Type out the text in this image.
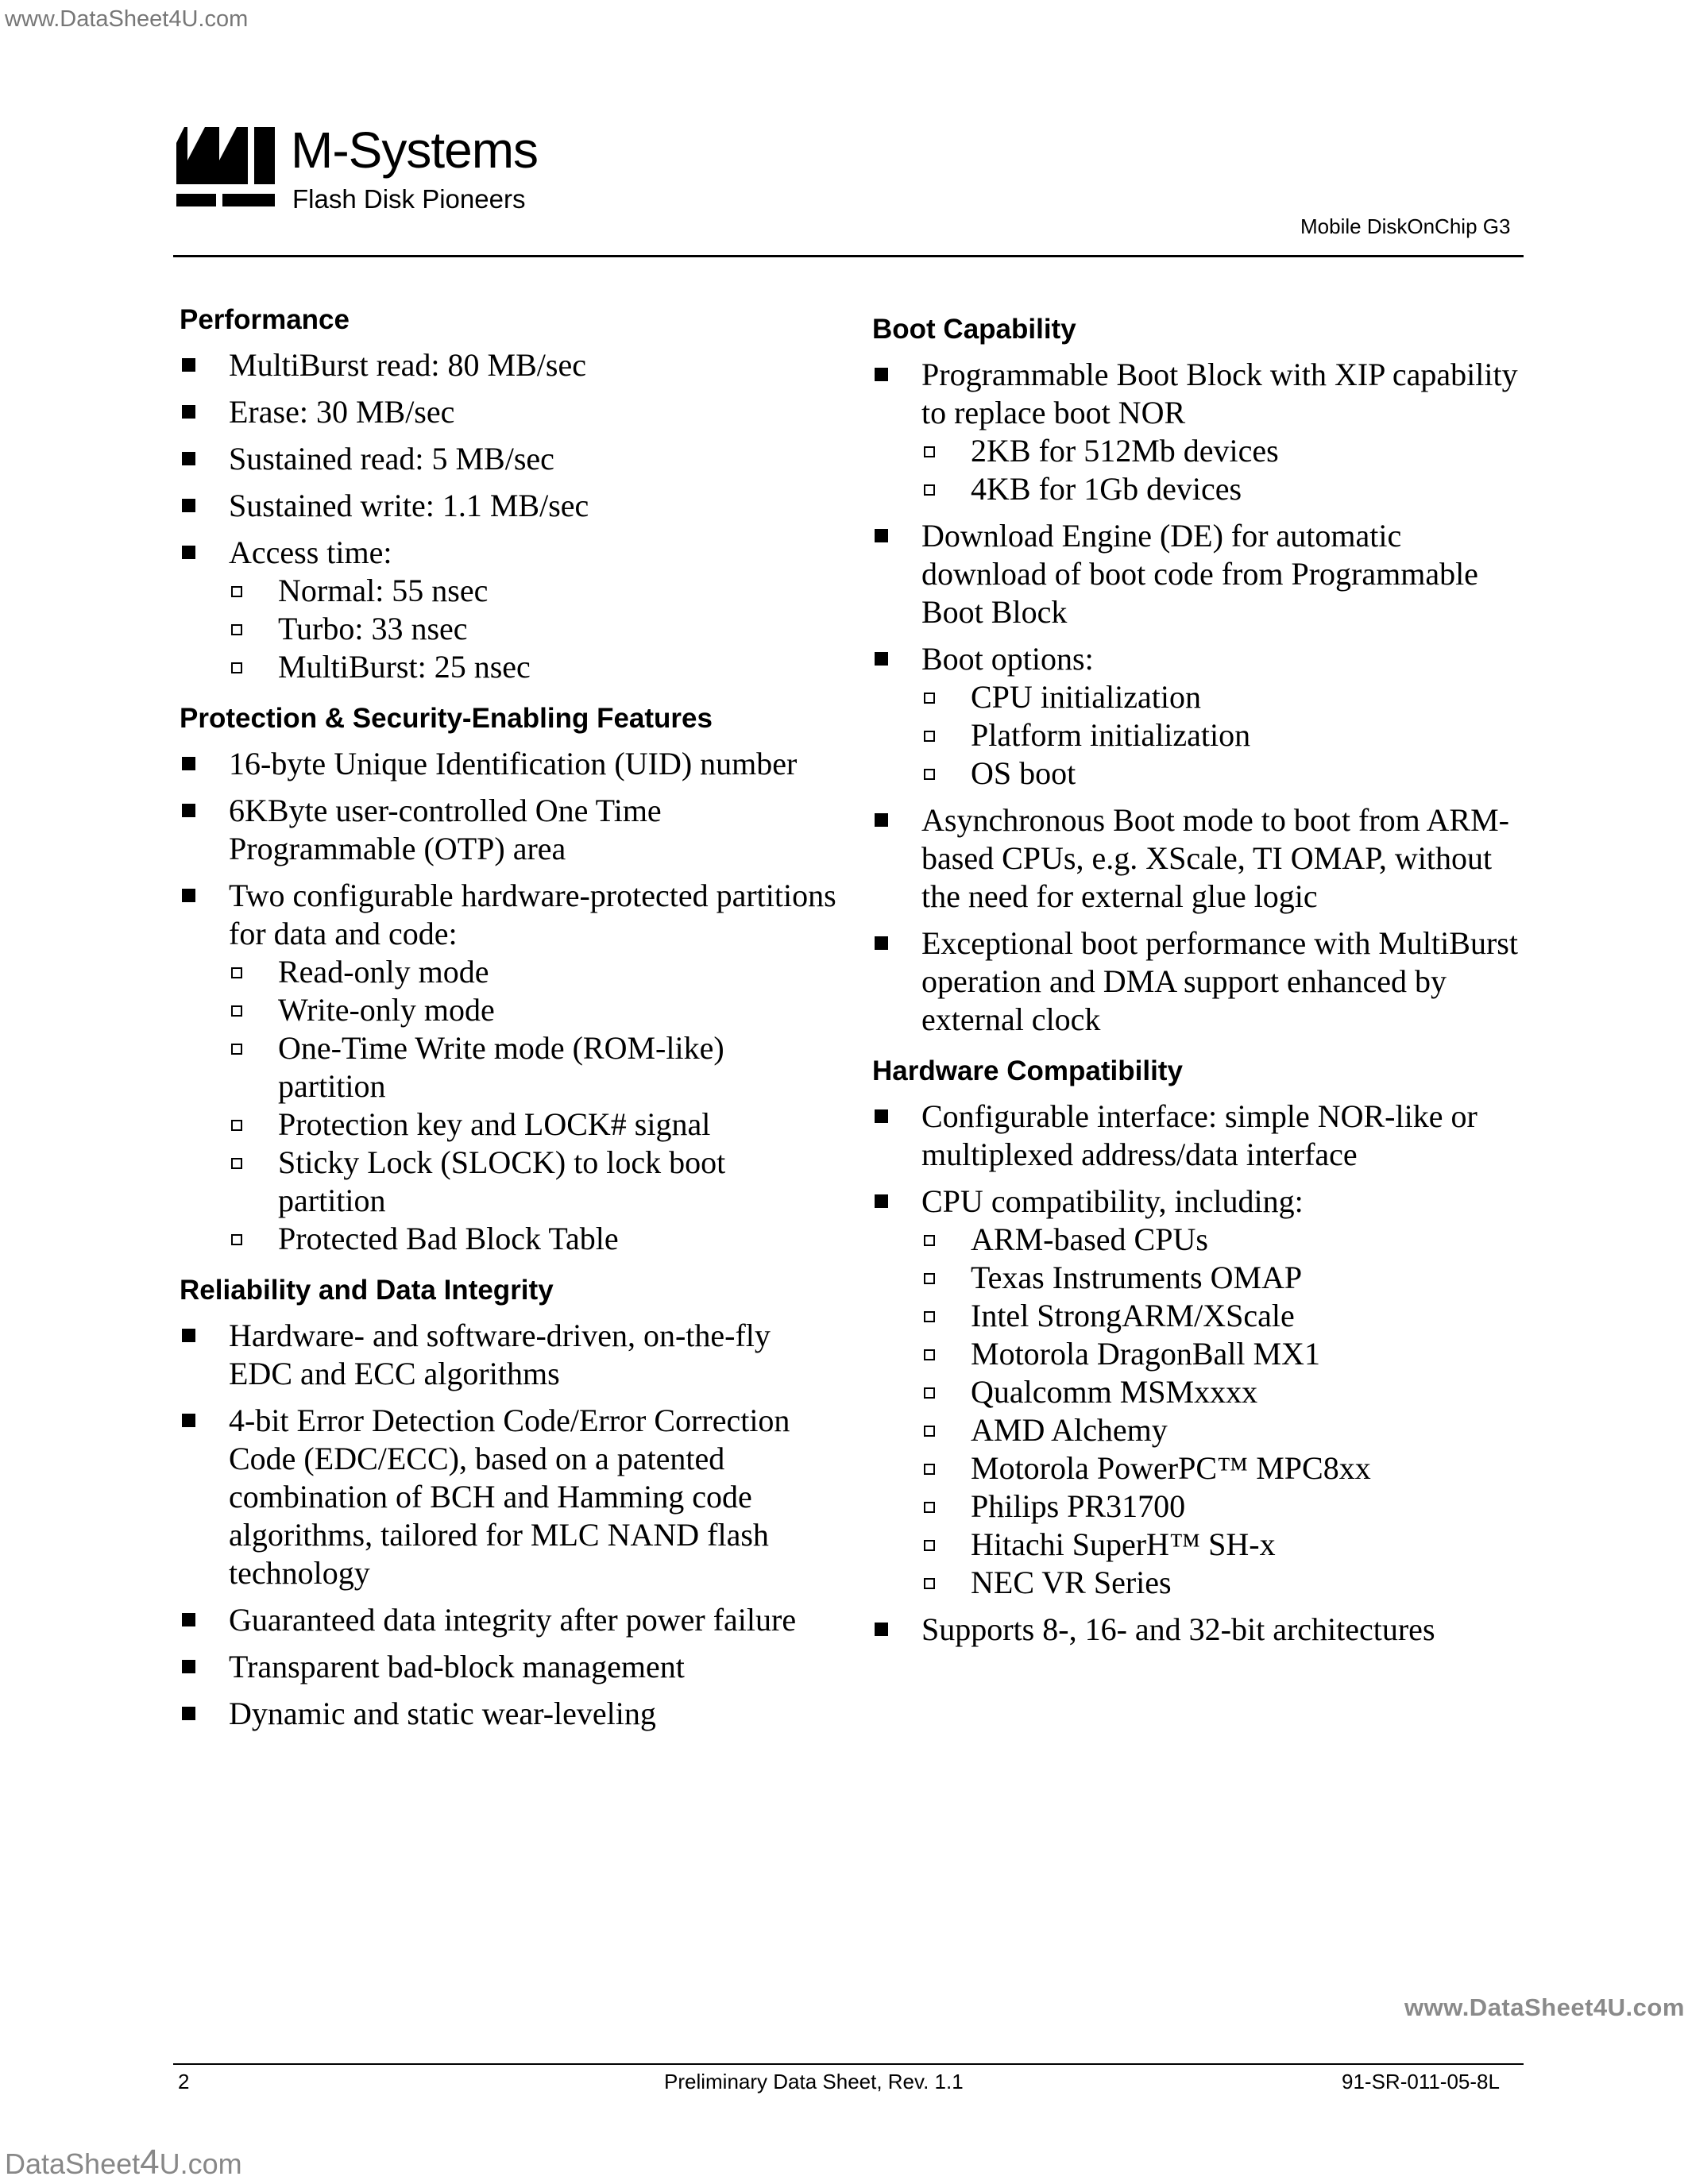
www.DataSheet4U.com
M-Systems
Flash Disk Pioneers
Mobile DiskOnChip G3
Performance
MultiBurst read: 80 MB/sec
Erase: 30 MB/sec
Sustained read: 5 MB/sec
Sustained write: 1.1 MB/sec
Access time:
Normal: 55 nsec
Turbo: 33 nsec
MultiBurst: 25 nsec
Protection & Security-Enabling Features
16-byte Unique Identification (UID) number
6KByte user-controlled One Time Programmable (OTP) area
Two configurable hardware-protected partitions for data and code:
Read-only mode
Write-only mode
One-Time Write mode (ROM-like) partition
Protection key and LOCK# signal
Sticky Lock (SLOCK) to lock boot partition
Protected Bad Block Table
Reliability and Data Integrity
Hardware- and software-driven, on-the-fly EDC and ECC algorithms
4-bit Error Detection Code/Error Correction Code (EDC/ECC), based on a patented combination of BCH and Hamming code algorithms, tailored for MLC NAND flash technology
Guaranteed data integrity after power failure
Transparent bad-block management
Dynamic and static wear-leveling
Boot Capability
Programmable Boot Block with XIP capability to replace boot NOR
2KB for 512Mb devices
4KB for 1Gb devices
Download Engine (DE) for automatic download of boot code from Programmable Boot Block
Boot options:
CPU initialization
Platform initialization
OS boot
Asynchronous Boot mode to boot from ARM-based CPUs, e.g. XScale, TI OMAP, without the need for external glue logic
Exceptional boot performance with MultiBurst operation and DMA support enhanced by external clock
Hardware Compatibility
Configurable interface: simple NOR-like or multiplexed address/data interface
CPU compatibility, including:
ARM-based CPUs
Texas Instruments OMAP
Intel StrongARM/XScale
Motorola DragonBall MX1
Qualcomm MSMxxxx
AMD Alchemy
Motorola PowerPC™ MPC8xx
Philips PR31700
Hitachi SuperH™ SH-x
NEC VR Series
Supports 8-, 16- and 32-bit architectures
www.DataSheet4U.com
2	Preliminary Data Sheet, Rev. 1.1	91-SR-011-05-8L
DataSheet4U.com
